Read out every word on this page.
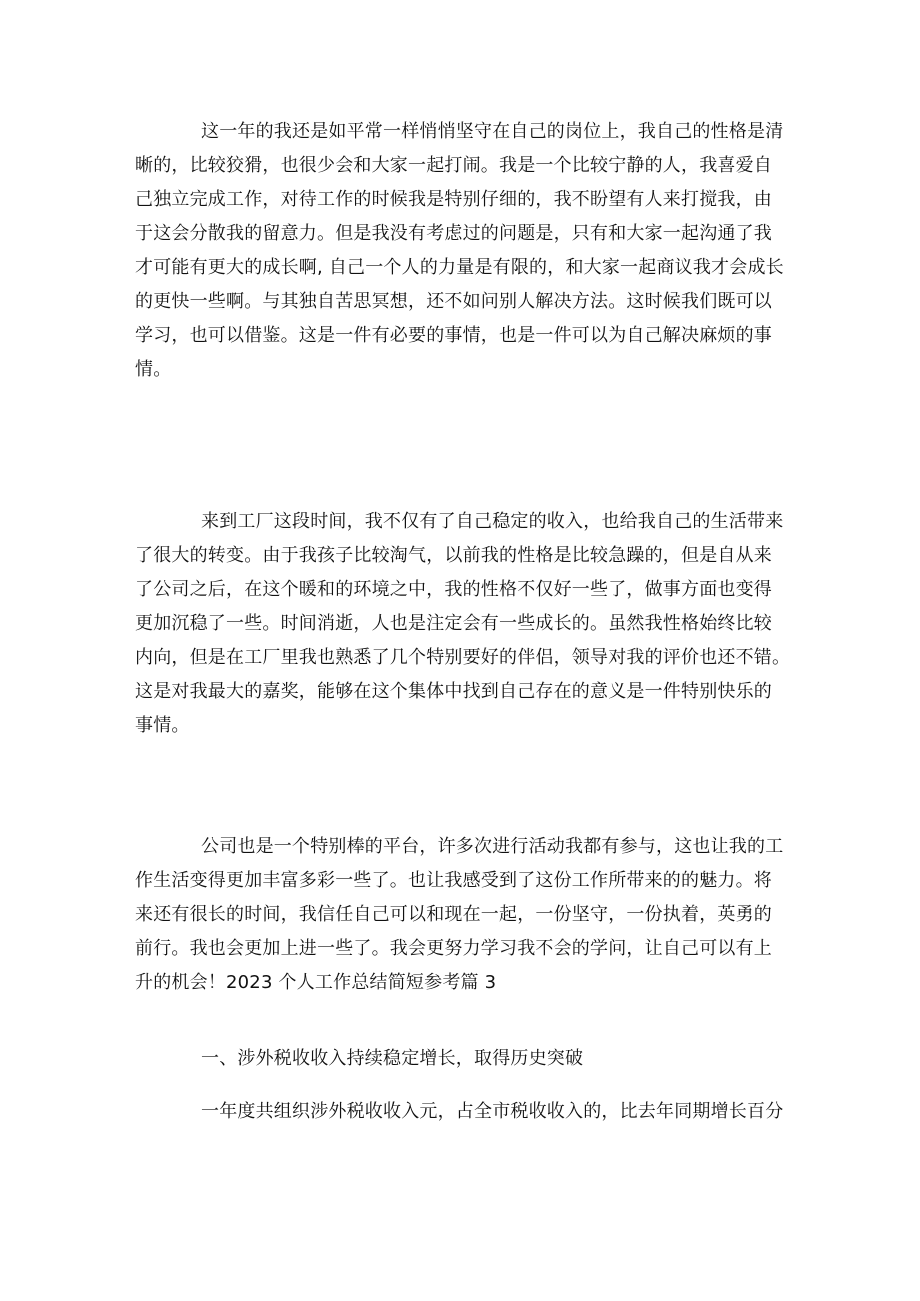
这一年的我还是如平常一样悄悄坚守在自己的岗位上，我自己的性格是清
晰的，比较狡猾，也很少会和大家一起打闹。我是一个比较宁静的人，我喜爱自
己独立完成工作，对待工作的时候我是特别仔细的，我不盼望有人来打搅我，由
于这会分散我的留意力。但是我没有考虑过的问题是，只有和大家一起沟通了我
才可能有更大的成长啊, 自己一个人的力量是有限的，和大家一起商议我才会成长
的更快一些啊。与其独自苦思冥想，还不如问别人解决方法。这时候我们既可以
学习，也可以借鉴。这是一件有必要的事情，也是一件可以为自己解决麻烦的事
情。
来到工厂这段时间，我不仅有了自己稳定的收入，也给我自己的生活带来
了很大的转变。由于我孩子比较淘气，以前我的性格是比较急躁的，但是自从来
了公司之后，在这个暖和的环境之中，我的性格不仅好一些了，做事方面也变得
更加沉稳了一些。时间消逝，人也是注定会有一些成长的。虽然我性格始终比较
内向，但是在工厂里我也熟悉了几个特别要好的伴侣，领导对我的评价也还不错。
这是对我最大的嘉奖，能够在这个集体中找到自己存在的意义是一件特别快乐的
事情。
公司也是一个特别棒的平台，许多次进行活动我都有参与，这也让我的工
作生活变得更加丰富多彩一些了。也让我感受到了这份工作所带来的的魅力。将
来还有很长的时间，我信任自己可以和现在一起，一份坚守，一份执着，英勇的
前行。我也会更加上进一些了。我会更努力学习我不会的学问，让自己可以有上
升的机会！2023 个人工作总结简短参考篇 3
一、涉外税收收入持续稳定增长，取得历史突破
一年度共组织涉外税收收入元，占全市税收收入的，比去年同期增长百分
